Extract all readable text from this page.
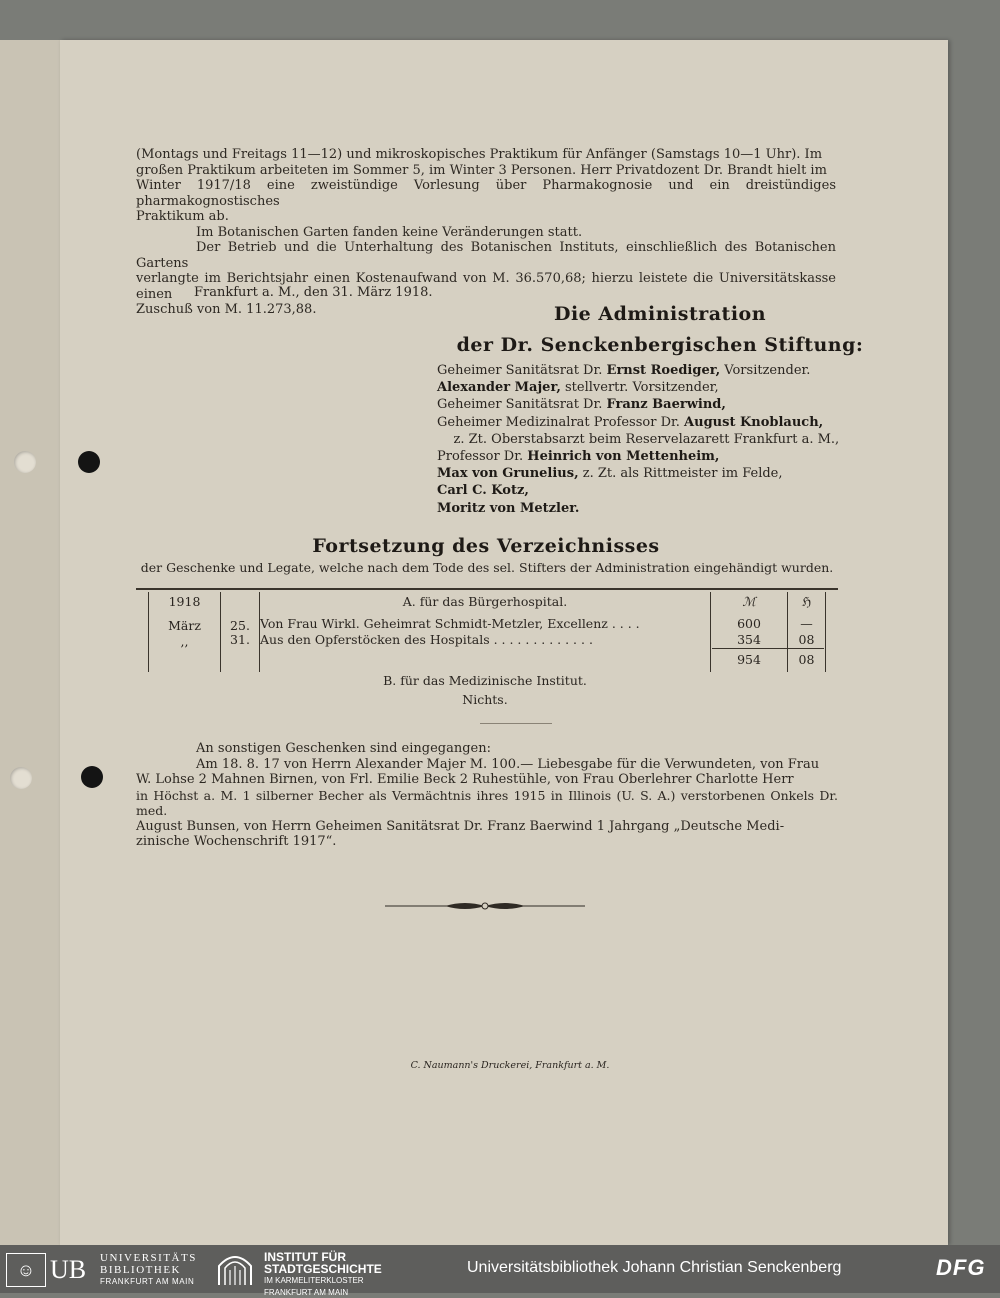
(Montags und Freitags 11—12) und mikroskopisches Praktikum für Anfänger (Samstags 10—1 Uhr). Im

großen Praktikum arbeiteten im Sommer 5, im Winter 3 Personen. Herr Privatdozent Dr. Brandt hielt im

Winter 1917/18 eine zweistündige Vorlesung über Pharmakognosie und ein dreistündiges pharmakognostisches

Praktikum ab.

Im Botanischen Garten fanden keine Veränderungen statt.

Der Betrieb und die Unterhaltung des Botanischen Instituts, einschließlich des Botanischen Gartens

verlangte im Berichtsjahr einen Kostenaufwand von M. 36.570,68; hierzu leistete die Universitätskasse einen

Zuschuß von M. 11.273,88.

Frankfurt a. M., den 31. März 1918.
Die Administration
der Dr. Senckenbergischen Stiftung:
Geheimer Sanitätsrat Dr. Ernst Roediger, Vorsitzender.
Alexander Majer, stellvertr. Vorsitzender,
Geheimer Sanitätsrat Dr. Franz Baerwind,
Geheimer Medizinalrat Professor Dr. August Knoblauch,
z. Zt. Oberstabsarzt beim Reservelazarett Frankfurt a. M.,
Professor Dr. Heinrich von Mettenheim,
Max von Grunelius, z. Zt. als Rittmeister im Felde,
Carl C. Kotz,
Moritz von Metzler.
Fortsetzung des Verzeichnisses
der Geschenke und Legate, welche nach dem Tode des sel. Stifters der Administration eingehändigt wurden.
1918	A. für das Bürgerhospital.	ℳ	ℌ
März	25. Von Frau Wirkl. Geheimrat Schmidt-Metzler, Excellenz . . . .	600	—
,,	31. Aus den Opferstöcken des Hospitals . . . . . . . . . . . . .	354	08
954	08
B. für das Medizinische Institut.
Nichts.

An sonstigen Geschenken sind eingegangen:

Am 18. 8. 17 von Herrn Alexander Majer M. 100.— Liebesgabe für die Verwundeten, von Frau

W. Lohse 2 Mahnen Birnen, von Frl. Emilie Beck 2 Ruhestühle, von Frau Oberlehrer Charlotte Herr

in Höchst a. M. 1 silberner Becher als Vermächtnis ihres 1915 in Illinois (U. S. A.) verstorbenen Onkels Dr. med.

August Bunsen, von Herrn Geheimen Sanitätsrat Dr. Franz Baerwind 1 Jahrgang „Deutsche Medi-

zinische Wochenschrift 1917“.

C. Naumann's Druckerei, Frankfurt a. M.
☺ UB UNIVERSITÄTS
BIBLIOTHEK
FRANKFURT AM MAIN
INSTITUT FÜR
STADTGESCHICHTE
IM KARMELITERKLOSTER
FRANKFURT AM MAIN
Universitätsbibliothek Johann Christian Senckenberg	DFG
